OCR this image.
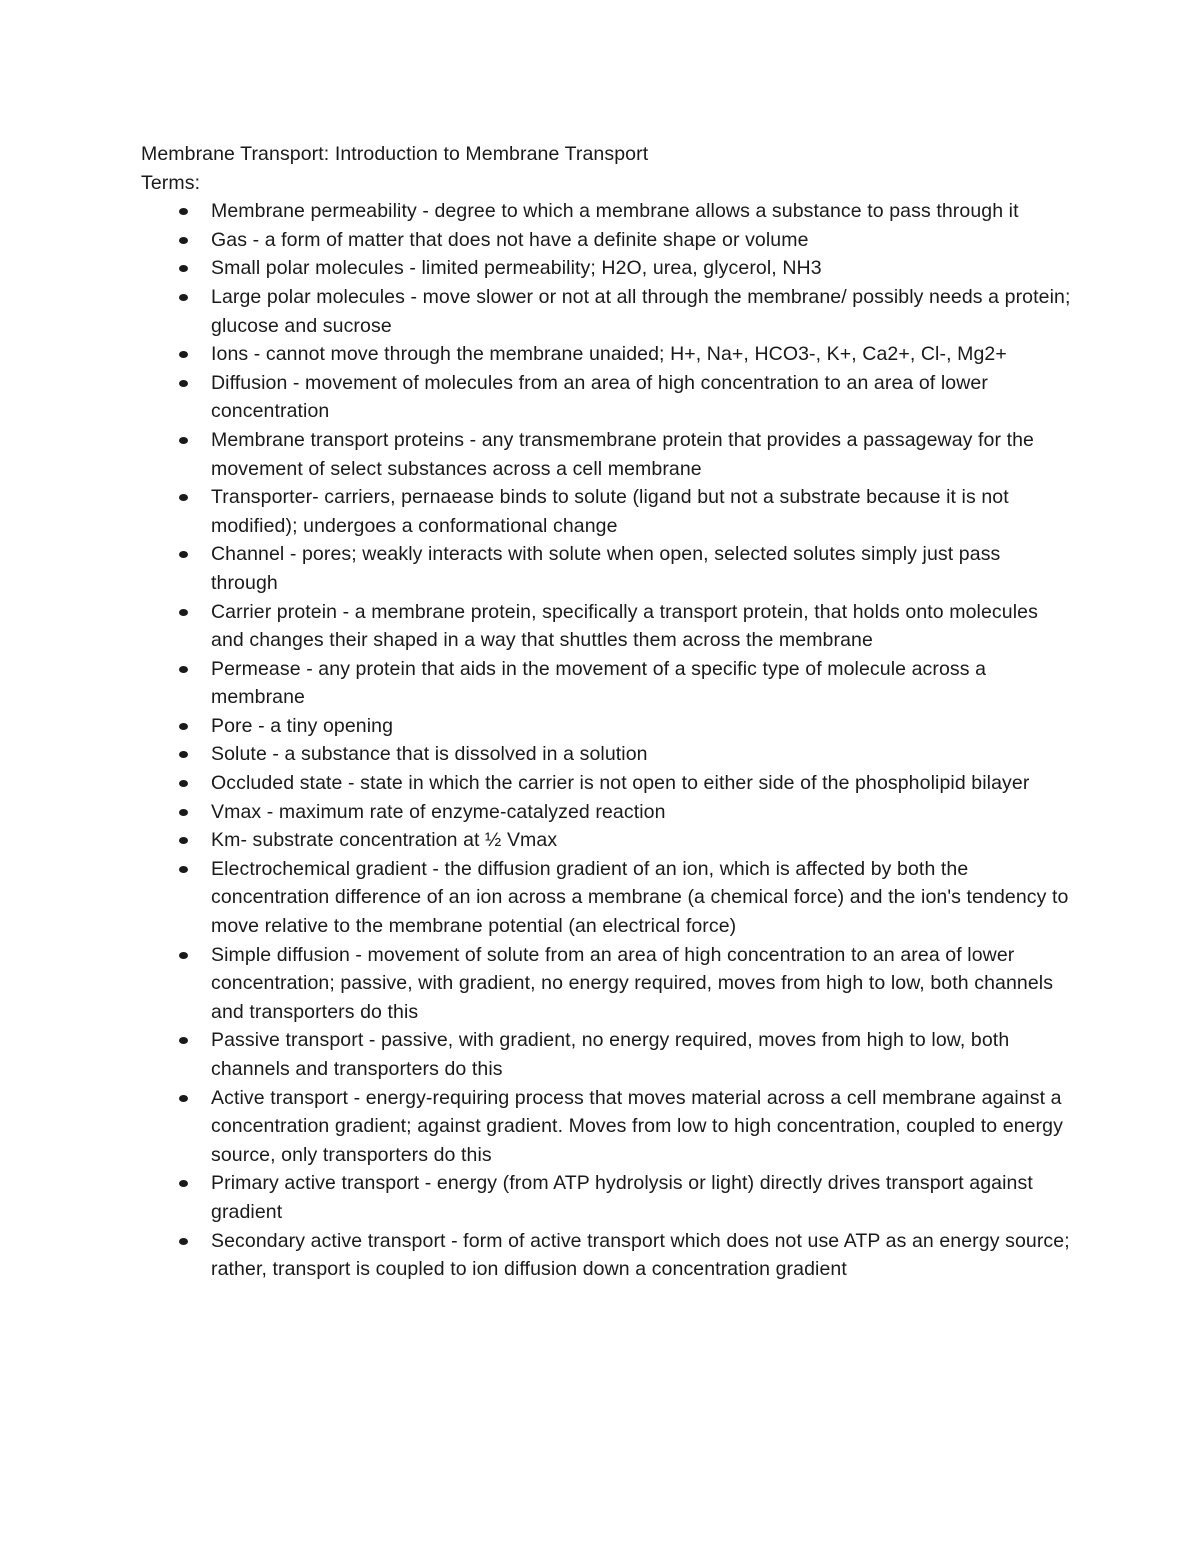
Membrane Transport: Introduction to Membrane Transport

Terms:

Membrane permeability - degree to which a membrane allows a substance to pass through it
Gas - a form of matter that does not have a definite shape or volume
Small polar molecules - limited permeability; H2O, urea, glycerol, NH3
Large polar molecules - move slower or not at all through the membrane/ possibly needs a protein; glucose and sucrose
Ions - cannot move through the membrane unaided; H+, Na+, HCO3-, K+, Ca2+, Cl-, Mg2+
Diffusion - movement of molecules from an area of high concentration to an area of lower concentration
Membrane transport proteins - any transmembrane protein that provides a passageway for the movement of select substances across a cell membrane
Transporter- carriers, pernaease binds to solute (ligand but not a substrate because it is not modified); undergoes a conformational change
Channel - pores; weakly interacts with solute when open, selected solutes simply just pass through
Carrier protein - a membrane protein, specifically a transport protein, that holds onto molecules and changes their shaped in a way that shuttles them across the membrane
Permease - any protein that aids in the movement of a specific type of molecule across a membrane
Pore - a tiny opening
Solute - a substance that is dissolved in a solution
Occluded state - state in which the carrier is not open to either side of the phospholipid bilayer
Vmax - maximum rate of enzyme-catalyzed reaction
Km- substrate concentration at ½ Vmax
Electrochemical gradient - the diffusion gradient of an ion, which is affected by both the concentration difference of an ion across a membrane (a chemical force) and the ion's tendency to move relative to the membrane potential (an electrical force)
Simple diffusion - movement of solute from an area of high concentration to an area of lower concentration; passive, with gradient, no energy required, moves from high to low, both channels and transporters do this
Passive transport - passive, with gradient, no energy required, moves from high to low, both channels and transporters do this
Active transport - energy-requiring process that moves material across a cell membrane against a concentration gradient; against gradient. Moves from low to high concentration, coupled to energy source, only transporters do this
Primary active transport - energy (from ATP hydrolysis or light) directly drives transport against gradient
Secondary active transport - form of active transport which does not use ATP as an energy source; rather, transport is coupled to ion diffusion down a concentration gradient
